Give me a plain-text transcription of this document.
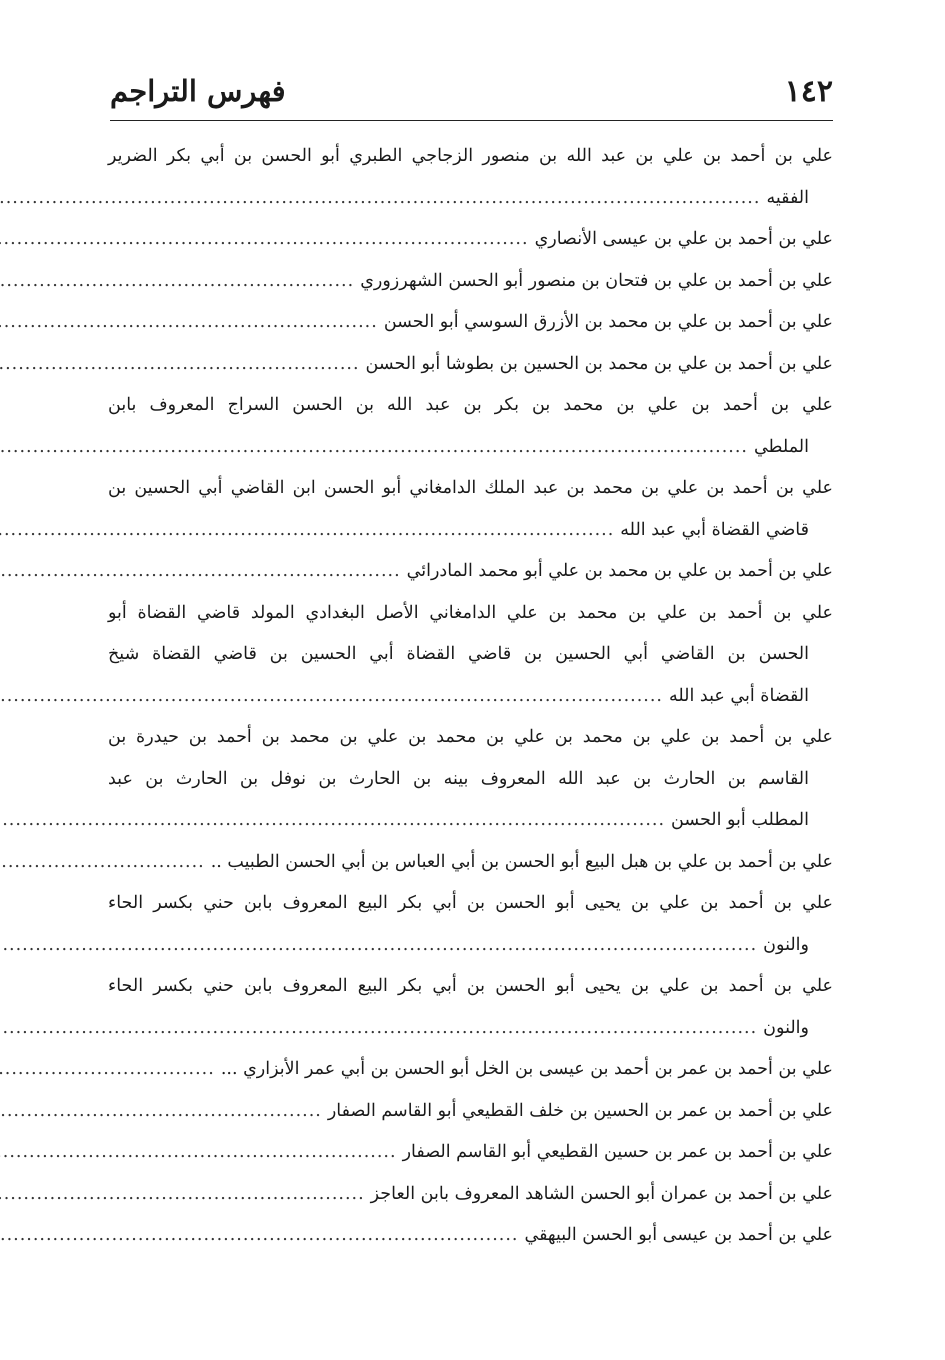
١٤٢
فهرس التراجم
علي بن أحمد بن علي بن عبد الله بن منصور الزجاجي الطبري أبو الحسن بن أبي بكر الضرير
الفقيه
.....
علي بن أحمد بن علي بن عيسى الأنصاري
.....
علي بن أحمد بن علي بن فتحان بن منصور أبو الحسن الشهرزوري
.....
علي بن أحمد بن علي بن محمد بن الأزرق السوسي أبو الحسن
.....
علي بن أحمد بن علي بن محمد بن الحسين بن بطوشا أبو الحسن
.....
علي بن أحمد بن علي بن محمد بن بكر بن عبد الله بن الحسن السراج المعروف بابن
الملطي
.....
علي بن أحمد بن علي بن محمد بن عبد الملك الدامغاني أبو الحسن ابن القاضي أبي الحسين بن
قاضي القضاة أبي عبد الله
.....
علي بن أحمد بن علي بن محمد بن علي أبو محمد المادرائي
.....
علي بن أحمد بن علي بن محمد بن علي الدامغاني الأصل البغدادي المولد قاضي القضاة أبو
الحسن بن القاضي أبي الحسين بن قاضي القضاة أبي الحسين بن قاضي القضاة شيخ
القضاة أبي عبد الله
.....
علي بن أحمد بن علي بن محمد بن علي بن محمد بن علي بن محمد بن أحمد بن حيدرة بن
القاسم بن الحارث بن عبد الله المعروف بينه بن الحارث بن نوفل بن الحارث بن عبد
المطلب أبو الحسن
.....
علي بن أحمد بن علي بن هبل البيع أبو الحسن بن أبي العباس بن أبي الحسن الطبيب ..
.....
علي بن أحمد بن علي بن يحيى أبو الحسن بن أبي بكر البيع المعروف بابن حني بكسر الحاء
والنون
.....
علي بن أحمد بن علي بن يحيى أبو الحسن بن أبي بكر البيع المعروف بابن حني بكسر الحاء
والنون
.....
علي بن أحمد بن عمر بن أحمد بن عيسى بن الخل أبو الحسن بن أبي عمر الأبزاري ...
.....
علي بن أحمد بن عمر بن الحسين بن خلف القطيعي أبو القاسم الصفار
.....
علي بن أحمد بن عمر بن حسين القطيعي أبو القاسم الصفار
.....
علي بن أحمد بن عمران أبو الحسن الشاهد المعروف بابن العاجز
.....
علي بن أحمد بن عيسى أبو الحسن البيهقي
.....
